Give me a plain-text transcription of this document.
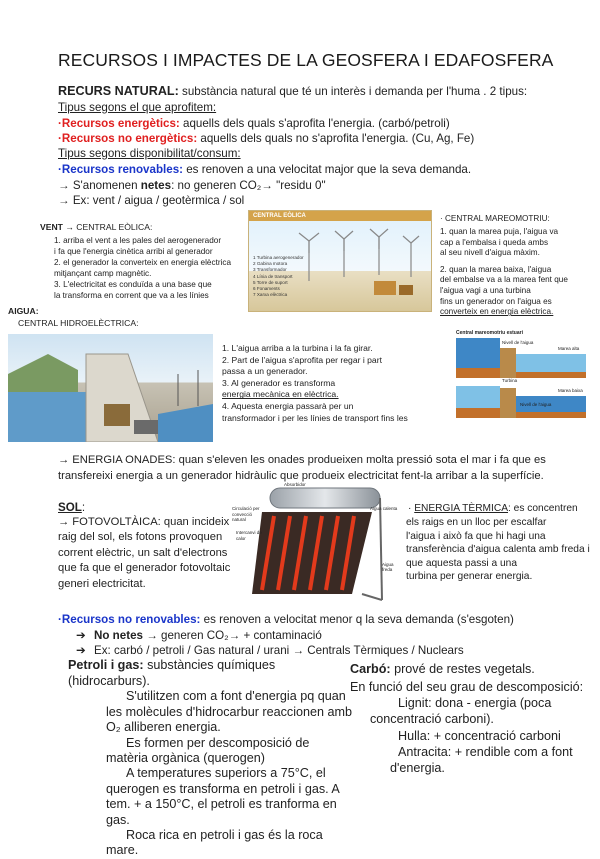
RECURSOS I IMPACTES DE LA GEOSFERA I EDAFOSFERA
RECURS NATURAL: substància natural que té un interès i demanda per l'huma . 2 tipus:
Tipus segons el que aprofitem:
·Recursos energètics: aquells dels quals s'aprofita l'energia. (carbó/petroli)
·Recursos no energètics: aquells dels quals no s'aprofita l'energia. (Cu, Ag, Fe)
Tipus segons disponibilitat/consum:
·Recursos renovables: es renoven a una velocitat major que la seva demanda.
→ S'anomenen netes: no generen CO₂→ "residu 0"
→ Ex: vent / aigua / geotèrmica / sol
VENT → CENTRAL EÒLICA:
1. arriba el vent a les pales del aerogenerador
i fa que l'energia cinètica arribi al generador
2. el generador la converteix en energia elèctrica
mitjançant camp magnètic.
3. L'electricitat es conduïda a una base que
la transforma en corrent que va a les línies
CENTRAL EÒLICA
1 Turbina aerogenerador
2 Gabina motora
3 Transformador
4 Línia de transport
5 Torre de suport
6 Fonaments
7 Xarxa elèctrica
· CENTRAL MAREOMOTRIU:
1. quan la marea puja, l'aigua va
cap a l'embalsa i queda ambs
al seu nivell d'aigua màxim.
2. quan la marea baixa, l'aigua
del embalse va a la marea fent que
l'aigua vagi a una turbina
fins un generador on l'aigua es
converteix en energia elèctrica.
AIGUA:
CENTRAL HIDROELÈCTRICA:
1. L'aigua arriba a la turbina i la fa girar.
2. Part de l'aigua s'aprofita per regar i part
passa a un generador.
3. Al generador es transforma
energia mecànica en elèctrica.
4. Aquesta energia passarà per un
transformador i per les línies de transport fins les
Central mareomotriu estuari
Nivell de l'aigua
Marea alta
Turbina
Marea baixa
Nivell de l'aigua
→ ENERGIA ONADES: quan s'eleven les onades produeixen molta pressió sota el mar i fa que es
transfereixi energia a un generador hidràulic que produeix electricitat fent-la arribar a la superfície.
SOL:
→ FOTOVOLTÀICA: quan incideix
raig del sol, els fotons provoquen
corrent elèctric, un salt d'electrons
que fa que el generador fotovoltaic
generi electricitat.
Absorbidor
Circulació per convecció natural
Aigua calenta
Intercanvi de calor
Aigua freda
· ENERGIA TÈRMICA: es concentren
els raigs en un lloc per escalfar
l'aigua i això fa que hi hagi una
transferència d'aigua calenta amb freda i
que aquesta passi a una
turbina per generar energia.
·Recursos no renovables: es renoven a velocitat menor q la seva demanda (s'esgoten)
➔ No netes → generen CO₂→ + contaminació
➔ Ex: carbó / petroli / Gas natural / urani → Centrals Tèrmiques / Nuclears
Petroli i gas: substàncies químiques
(hidrocarburs).
S'utilitzen com a font d'energia pq quan
les molècules d'hidrocarbur reaccionen amb
O₂ alliberen energia.
Es formen per descomposició de
matèria orgànica (querogen)
A temperatures superiors a 75°C, el
querogen es transforma en petroli i gas. A
tem. + a 150°C, el petroli es tranforma en
gas.
Roca rica en petroli i gas és la roca
mare.
Carbó: prové de restes vegetals.
En funció del seu grau de descomposició:
Lignit: dona - energia (poca
concentració carboni).
Hulla: + concentració carboni
Antracita: + rendible com a font
d'energia.
